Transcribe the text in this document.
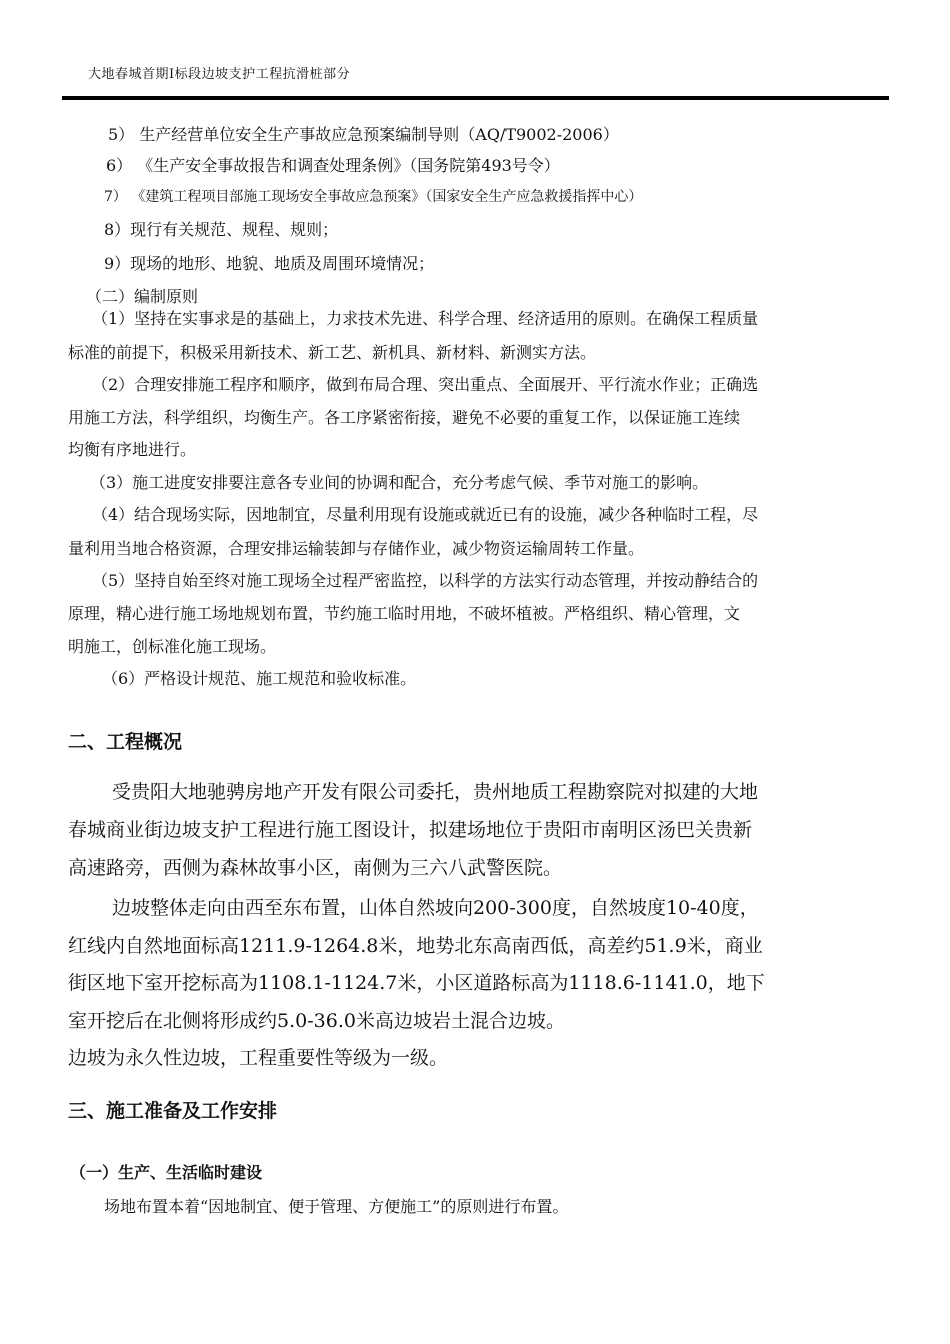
大地春城首期Ⅰ标段边坡支护工程抗滑桩部分
5） 生产经营单位安全生产事故应急预案编制导则（AQ/T9002-2006）
6） 《生产安全事故报告和调查处理条例》（国务院第493号令）
7） 《建筑工程项目部施工现场安全事故应急预案》（国家安全生产应急救援指挥中心）
8）现行有关规范、规程、规则；
9）现场的地形、地貌、地质及周围环境情况；
（二）编制原则
（1）坚持在实事求是的基础上，力求技术先进、科学合理、经济适用的原则。在确保工程质量
标准的前提下，积极采用新技术、新工艺、新机具、新材料、新测实方法。
（2）合理安排施工程序和顺序，做到布局合理、突出重点、全面展开、平行流水作业；正确选
用施工方法，科学组织，均衡生产。各工序紧密衔接，避免不必要的重复工作，以保证施工连续
均衡有序地进行。
（3）施工进度安排要注意各专业间的协调和配合，充分考虑气候、季节对施工的影响。
（4）结合现场实际，因地制宜，尽量利用现有设施或就近已有的设施，减少各种临时工程，尽
量利用当地合格资源，合理安排运输装卸与存储作业，减少物资运输周转工作量。
（5）坚持自始至终对施工现场全过程严密监控，以科学的方法实行动态管理，并按动静结合的
原理，精心进行施工场地规划布置，节约施工临时用地，不破坏植被。严格组织、精心管理，文
明施工，创标准化施工现场。
（6）严格设计规范、施工规范和验收标准。
二、工程概况
受贵阳大地驰骋房地产开发有限公司委托，贵州地质工程勘察院对拟建的大地
春城商业街边坡支护工程进行施工图设计，拟建场地位于贵阳市南明区汤巴关贵新
高速路旁，西侧为森林故事小区，南侧为三六八武警医院。
边坡整体走向由西至东布置，山体自然坡向200-300度，自然坡度10-40度，
红线内自然地面标高1211.9-1264.8米，地势北东高南西低，高差约51.9米，商业
街区地下室开挖标高为1108.1-1124.7米，小区道路标高为1118.6-1141.0，地下
室开挖后在北侧将形成约5.0-36.0米高边坡岩土混合边坡。
边坡为永久性边坡，工程重要性等级为一级。
三、施工准备及工作安排
（一）生产、生活临时建设
场地布置本着“因地制宜、便于管理、方便施工”的原则进行布置。
